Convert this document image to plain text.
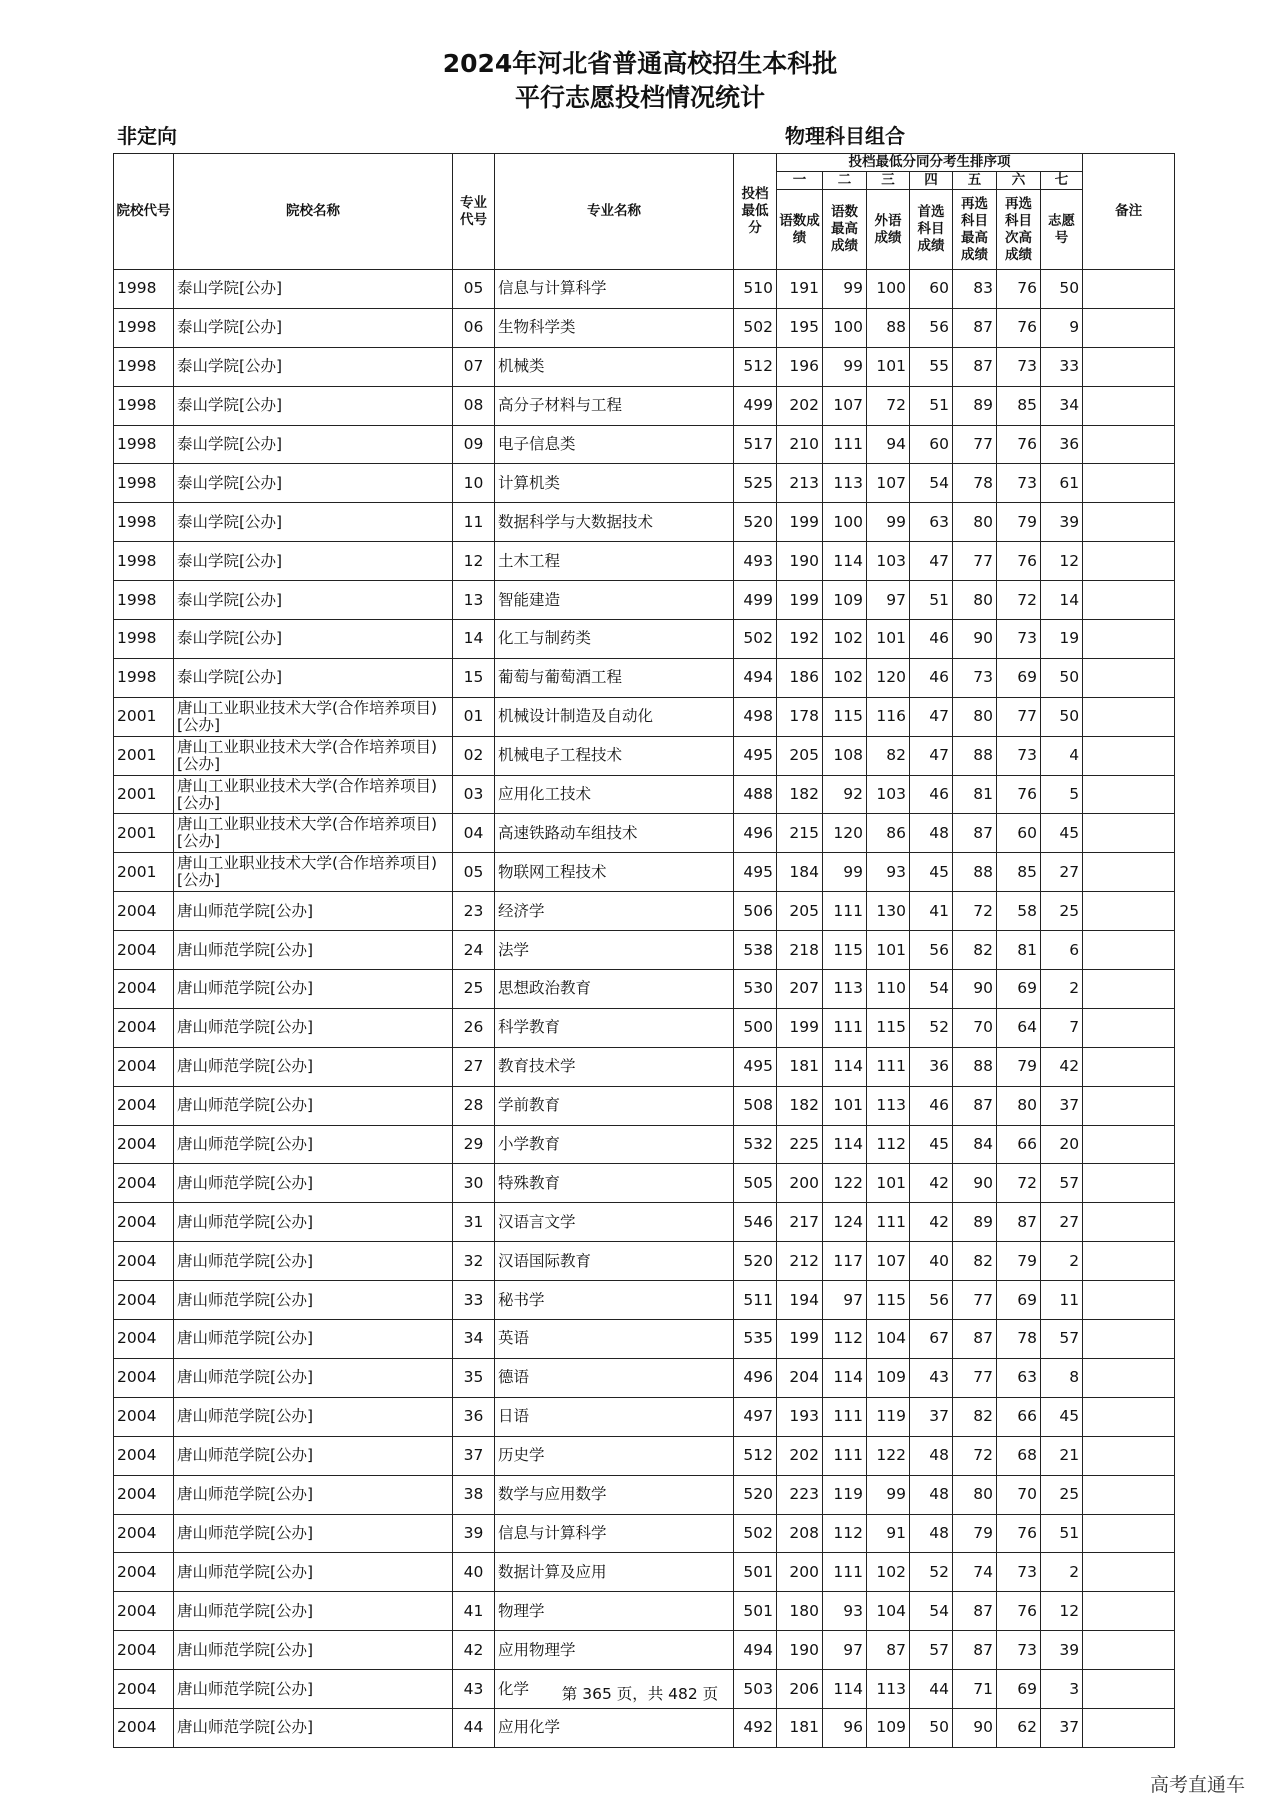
2024年河北省普通高校招生本科批
平行志愿投档情况统计
非定向	物理科目组合
院校代号	院校名称	专业代号	专业名称	投档最低分	投档最低分同分考生排序项							备注
					一	二	三	四	五	六	七	
					语数成绩	语数最高成绩	外语成绩	首选科目成绩	再选科目最高成绩	再选科目次高成绩	志愿号	
1998	泰山学院[公办]	05	信息与计算科学	510	191	99	100	60	83	76	50	
1998	泰山学院[公办]	06	生物科学类	502	195	100	88	56	87	76	9	
1998	泰山学院[公办]	07	机械类	512	196	99	101	55	87	73	33	
1998	泰山学院[公办]	08	高分子材料与工程	499	202	107	72	51	89	85	34	
1998	泰山学院[公办]	09	电子信息类	517	210	111	94	60	77	76	36	
1998	泰山学院[公办]	10	计算机类	525	213	113	107	54	78	73	61	
1998	泰山学院[公办]	11	数据科学与大数据技术	520	199	100	99	63	80	79	39	
1998	泰山学院[公办]	12	土木工程	493	190	114	103	47	77	76	12	
1998	泰山学院[公办]	13	智能建造	499	199	109	97	51	80	72	14	
1998	泰山学院[公办]	14	化工与制药类	502	192	102	101	46	90	73	19	
1998	泰山学院[公办]	15	葡萄与葡萄酒工程	494	186	102	120	46	73	69	50	
2001	唐山工业职业技术大学(合作培养项目)[公办]	01	机械设计制造及自动化	498	178	115	116	47	80	77	50	
2001	唐山工业职业技术大学(合作培养项目)[公办]	02	机械电子工程技术	495	205	108	82	47	88	73	4	
2001	唐山工业职业技术大学(合作培养项目)[公办]	03	应用化工技术	488	182	92	103	46	81	76	5	
2001	唐山工业职业技术大学(合作培养项目)[公办]	04	高速铁路动车组技术	496	215	120	86	48	87	60	45	
2001	唐山工业职业技术大学(合作培养项目)[公办]	05	物联网工程技术	495	184	99	93	45	88	85	27	
2004	唐山师范学院[公办]	23	经济学	506	205	111	130	41	72	58	25	
2004	唐山师范学院[公办]	24	法学	538	218	115	101	56	82	81	6	
2004	唐山师范学院[公办]	25	思想政治教育	530	207	113	110	54	90	69	2	
2004	唐山师范学院[公办]	26	科学教育	500	199	111	115	52	70	64	7	
2004	唐山师范学院[公办]	27	教育技术学	495	181	114	111	36	88	79	42	
2004	唐山师范学院[公办]	28	学前教育	508	182	101	113	46	87	80	37	
2004	唐山师范学院[公办]	29	小学教育	532	225	114	112	45	84	66	20	
2004	唐山师范学院[公办]	30	特殊教育	505	200	122	101	42	90	72	57	
2004	唐山师范学院[公办]	31	汉语言文学	546	217	124	111	42	89	87	27	
2004	唐山师范学院[公办]	32	汉语国际教育	520	212	117	107	40	82	79	2	
2004	唐山师范学院[公办]	33	秘书学	511	194	97	115	56	77	69	11	
2004	唐山师范学院[公办]	34	英语	535	199	112	104	67	87	78	57	
2004	唐山师范学院[公办]	35	德语	496	204	114	109	43	77	63	8	
2004	唐山师范学院[公办]	36	日语	497	193	111	119	37	82	66	45	
2004	唐山师范学院[公办]	37	历史学	512	202	111	122	48	72	68	21	
2004	唐山师范学院[公办]	38	数学与应用数学	520	223	119	99	48	80	70	25	
2004	唐山师范学院[公办]	39	信息与计算科学	502	208	112	91	48	79	76	51	
2004	唐山师范学院[公办]	40	数据计算及应用	501	200	111	102	52	74	73	2	
2004	唐山师范学院[公办]	41	物理学	501	180	93	104	54	87	76	12	
2004	唐山师范学院[公办]	42	应用物理学	494	190	97	87	57	87	73	39	
2004	唐山师范学院[公办]	43	化学	503	206	114	113	44	71	69	3	
2004	唐山师范学院[公办]	44	应用化学	492	181	96	109	50	90	62	37	
第 365 页，共 482 页
高考直通车
